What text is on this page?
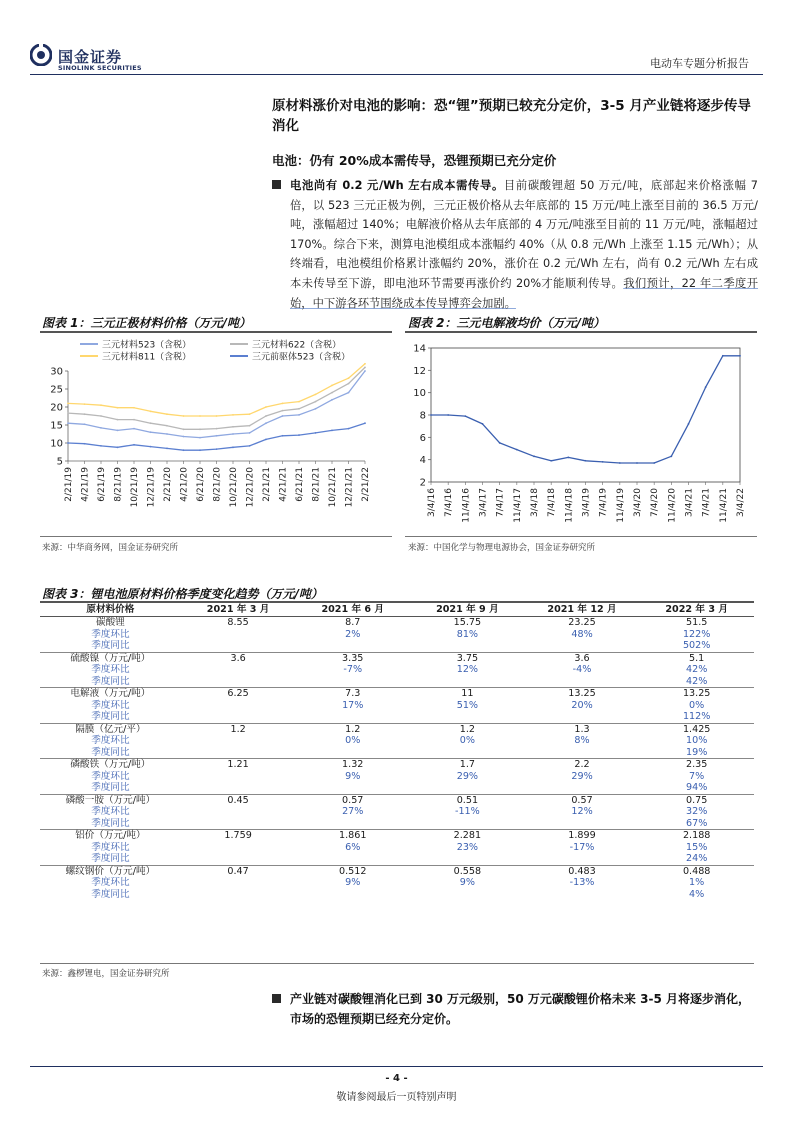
国金证券
SINOLINK SECURITIES	电动车专题分析报告
原材料涨价对电池的影响：恐“锂”预期已较充分定价，3-5 月产业链将逐步传导消化
电池：仍有 20%成本需传导，恐锂预期已充分定价
电池尚有 0.2 元/Wh 左右成本需传导。目前碳酸锂超 50 万元/吨，底部起来价格涨幅 7 倍，以 523 三元正极为例，三元正极价格从去年底部的 15 万元/吨上涨至目前的 36.5 万元/吨，涨幅超过 140%；电解液价格从去年底部的 4 万元/吨涨至目前的 11 万元/吨，涨幅超过 170%。综合下来，测算电池模组成本涨幅约 40%（从 0.8 元/Wh 上涨至 1.15 元/Wh）；从终端看，电池模组价格累计涨幅约 20%，涨价在 0.2 元/Wh 左右，尚有 0.2 元/Wh 左右成本未传导至下游，即电池环节需要再涨价约 20%才能顺利传导。我们预计，22 年二季度开始，中下游各环节围绕成本传导博弈会加剧。
图表 1：三元正极材料价格（万元/吨）
5
10
15
20
25
30
2/21/19 4/21/19 6/21/19 8/21/19 10/21/19 12/21/19 2/21/20 4/21/20 6/21/20 8/21/20 10/21/20 12/21/20 2/21/21 4/21/21 6/21/21 8/21/21 10/21/21 12/21/21 2/21/22
三元材料523（含税）	三元材料622（含税）
三元材料811（含税）	三元前驱体523（含税）
来源：中华商务网，国金证券研究所
图表 2：三元电解液均价（万元/吨）
2
4
6
8
10
12
14
3/4/16 7/4/16 11/4/16 3/4/17 7/4/17 11/4/17 3/4/18 7/4/18 11/4/18 3/4/19 7/4/19 11/4/19 3/4/20 7/4/20 11/4/20 3/4/21 7/4/21 11/4/21 3/4/22
来源：中国化学与物理电源协会，国金证券研究所
图表 3：锂电池原材料价格季度变化趋势（万元/吨）
原材料价格	2021 年 3 月	2021 年 6 月	2021 年 9 月	2021 年 12 月	2022 年 3 月
碳酸锂	8.55	8.7	15.75	23.25	51.5
季度环比		2%	81%	48%	122%
季度同比					502%
硫酸镍（万元/吨）	3.6	3.35	3.75	3.6	5.1
季度环比		-7%	12%	-4%	42%
季度同比					42%
电解液（万元/吨）	6.25	7.3	11	13.25	13.25
季度环比		17%	51%	20%	0%
季度同比					112%
隔膜（亿元/平）	1.2	1.2	1.2	1.3	1.425
季度环比		0%	0%	8%	10%
季度同比					19%
磷酸铁（万元/吨）	1.21	1.32	1.7	2.2	2.35
季度环比		9%	29%	29%	7%
季度同比					94%
磷酸一胺（万元/吨）	0.45	0.57	0.51	0.57	0.75
季度环比		27%	-11%	12%	32%
季度同比					67%
铝价（万元/吨）	1.759	1.861	2.281	1.899	2.188
季度环比		6%	23%	-17%	15%
季度同比					24%
螺纹钢价（万元/吨）	0.47	0.512	0.558	0.483	0.488
季度环比		9%	9%	-13%	1%
季度同比					4%
来源：鑫椤锂电，国金证券研究所
产业链对碳酸锂消化已到 30 万元级别，50 万元碳酸锂价格未来 3-5 月将逐步消化，市场的恐锂预期已经充分定价。
- 4 -
敬请参阅最后一页特别声明
